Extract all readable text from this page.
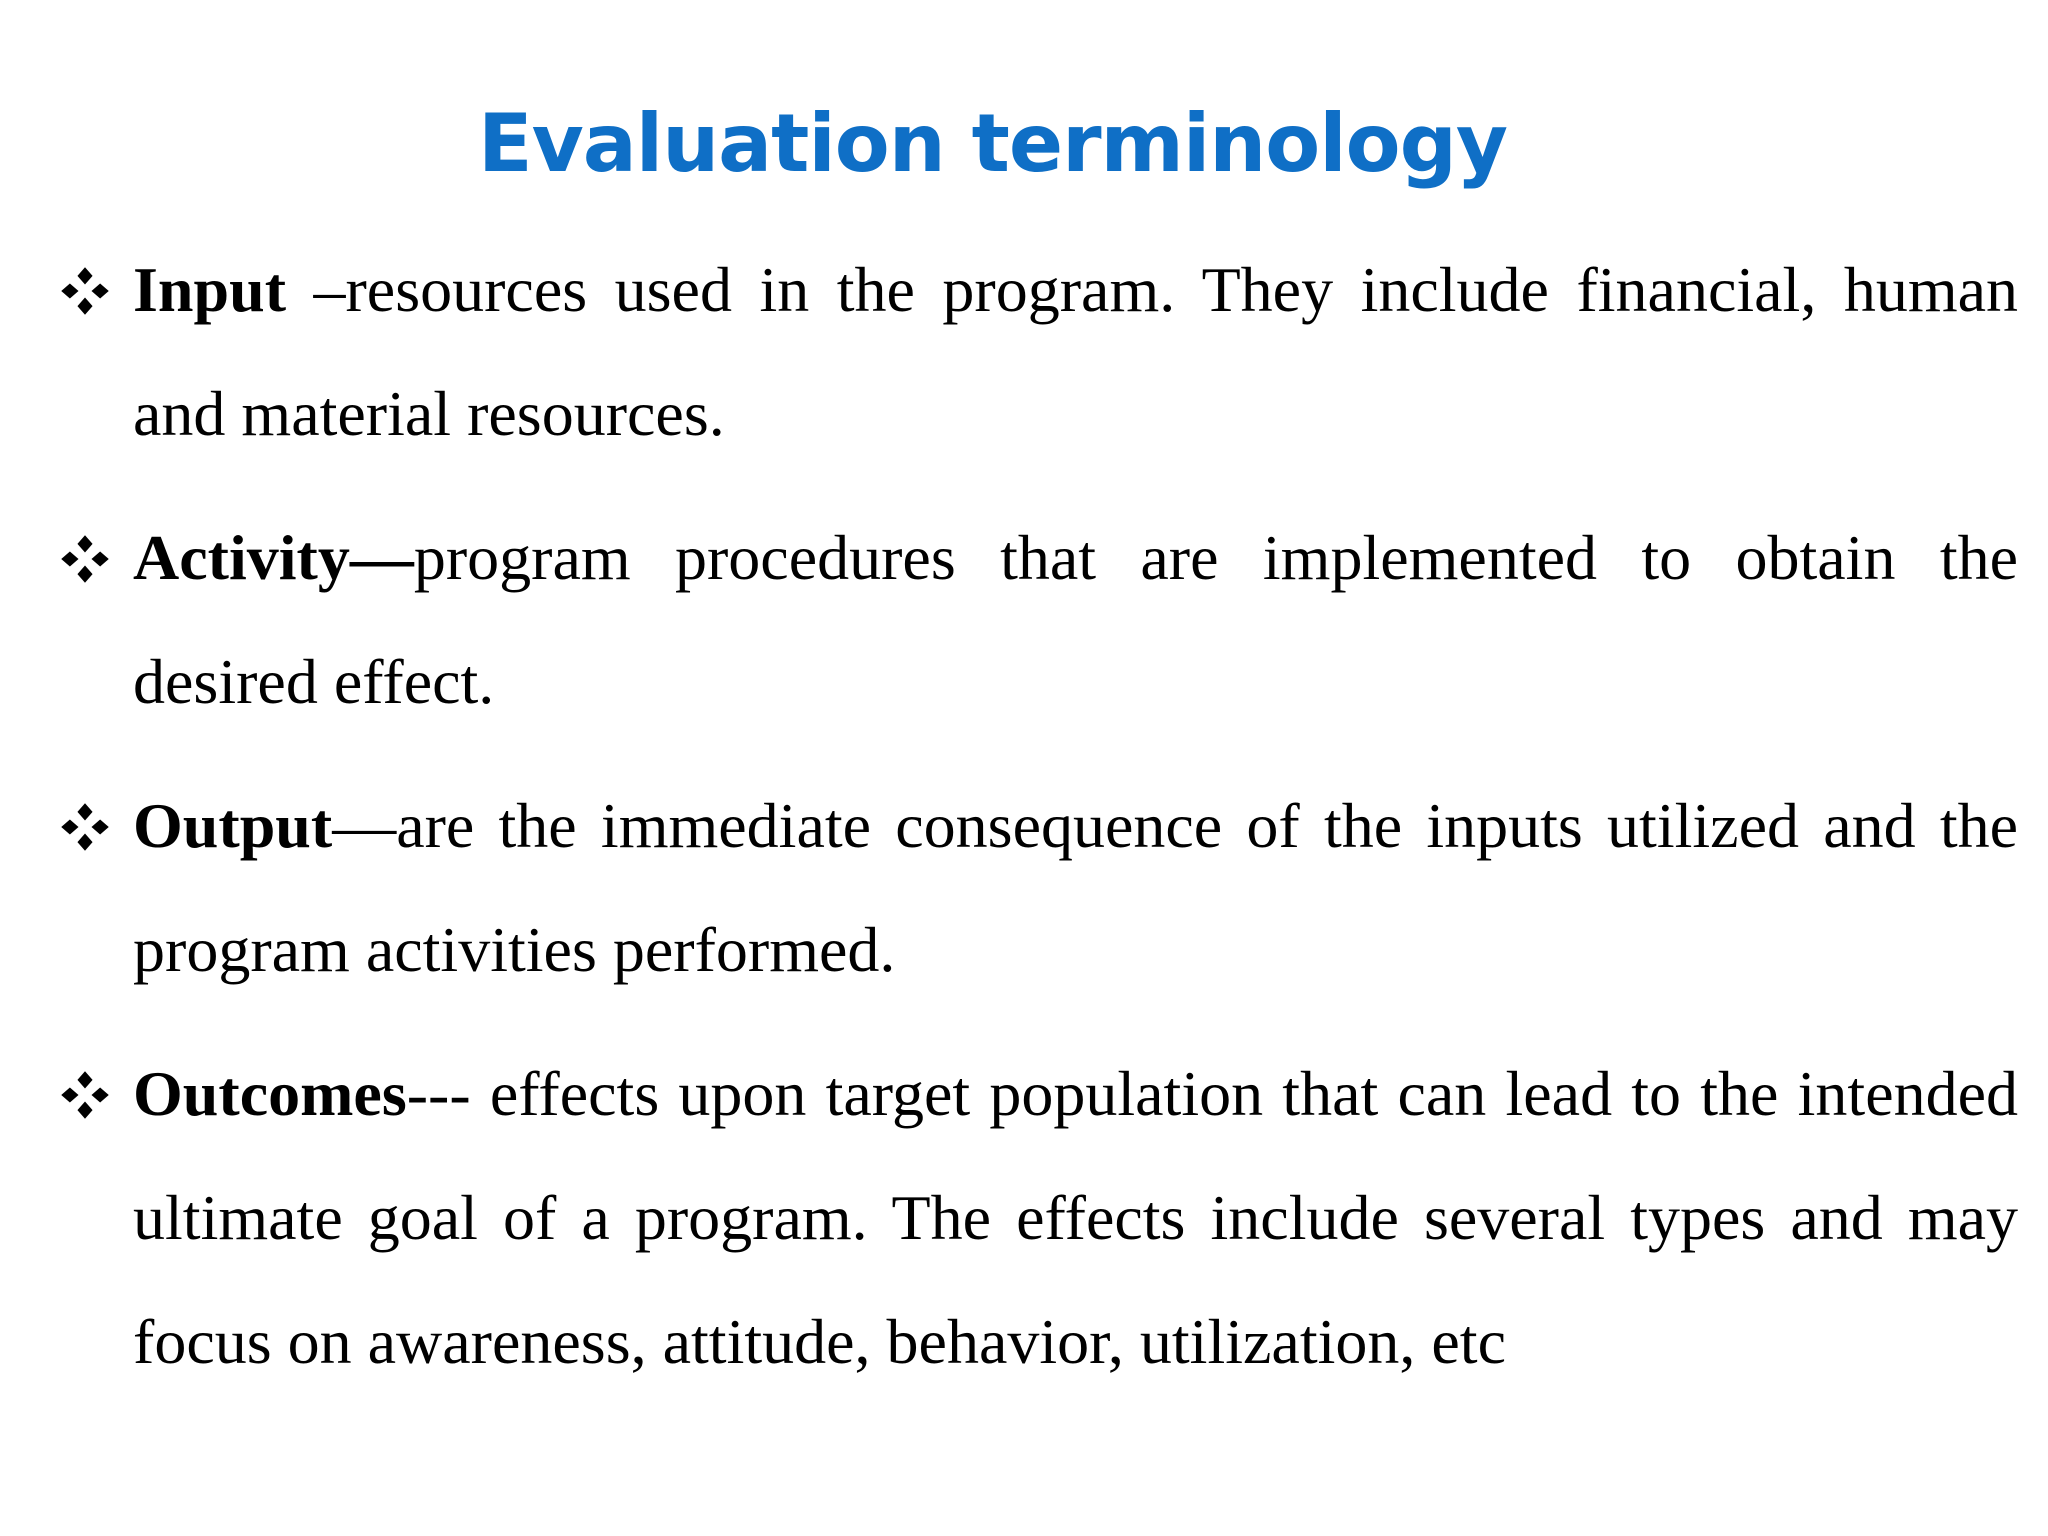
Evaluation terminology

Input –resources used in the program. They include financial, human and material resources.

Activity—program procedures that are implemented to obtain the desired effect.

Output—are the immediate consequence of the inputs utilized and the program activities performed.

Outcomes--- effects upon target population that can lead to the intended ultimate goal of a program. The effects include several types and may focus on awareness, attitude, behavior, utilization, etc
